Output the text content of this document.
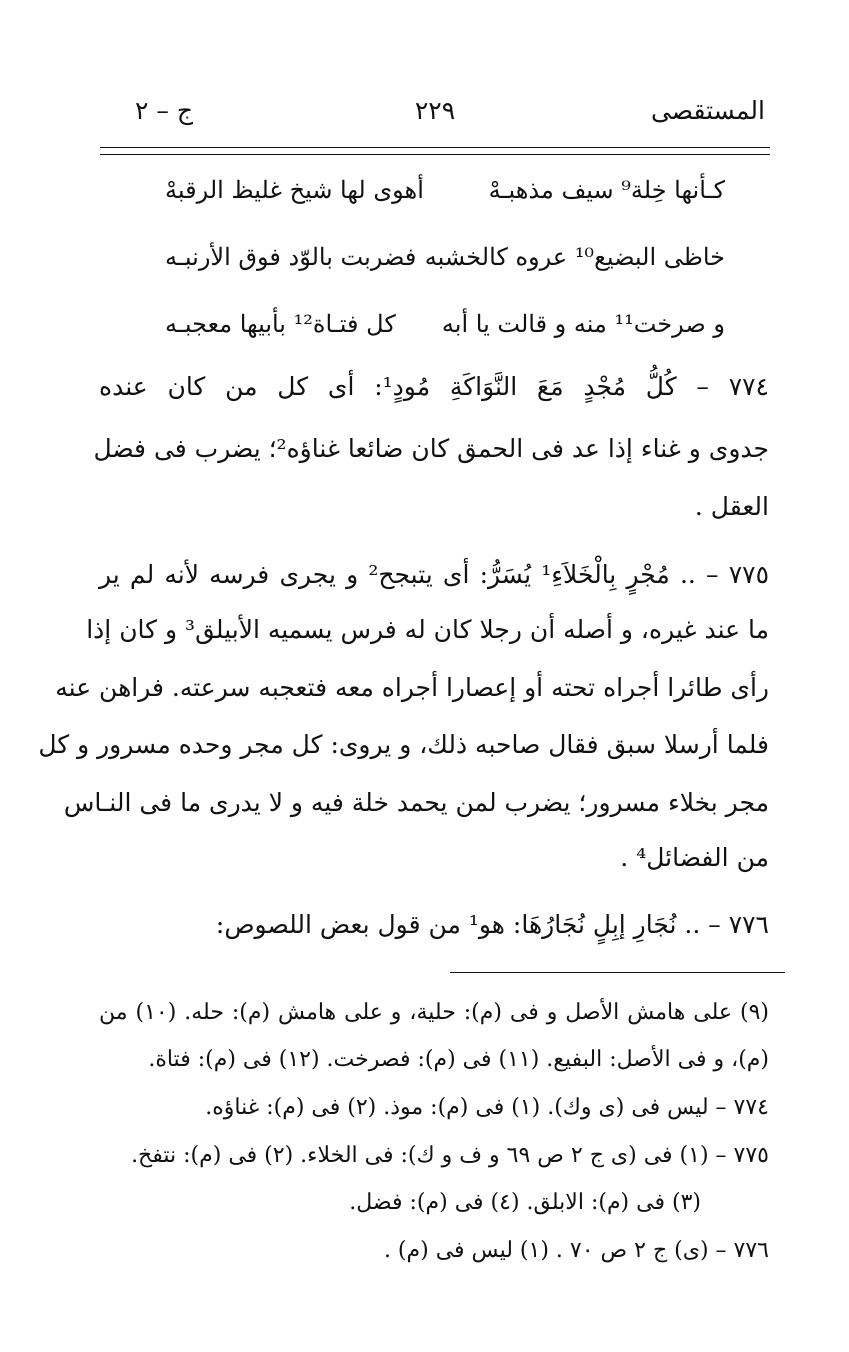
المستقصى
٢٢٩
ج – ٢
كـأنها خِلة⁹ سيف مذهبـهْ
أهوى لها شيخ غليظ الرقبهْ
خاظى البضيع¹⁰ عروه كالخشبه
فضربت بالوّد فوق الأرنبـه
و صرخت¹¹ منه و قالت يا أبه
كل فتـاة¹² بأبيها معجبـه
٧٧٤ – كُلُّ مُجْدٍ مَعَ النَّوَاكَةِ مُودٍ¹: أى كل من كان عنده
جدوى و غناء إذا عد فى الحمق كان ضائعا غناؤه²؛ يضرب فى فضل
العقل .
٧٧٥ – .. مُجْرٍ بِالْخَلاَءِ¹ يُسَرُّ: أى يتبجح² و يجرى فرسه لأنه لم ير
ما عند غيره، و أصله أن رجلا كان له فرس يسميه الأبيلق³ و كان إذا
رأى طائرا أجراه تحته أو إعصارا أجراه معه فتعجبه سرعته. فراهن عنه
فلما أرسلا سبق فقال صاحبه ذلك، و يروى: كل مجر وحده مسرور و كل
مجر بخلاء مسرور؛ يضرب لمن يحمد خلة فيه و لا يدرى ما فى النـاس
من الفضائل⁴ .
٧٧٦ – .. نُجَارِ إبِلٍ نُجَارُهَا: هو¹ من قول بعض اللصوص:
(٩) على هامش الأصل و فى (م): حلية، و على هامش (م): حله. (١٠) من
(م)، و فى الأصل: البفيع. (١١) فى (م): فصرخت. (١٢) فى (م): فتاة.
٧٧٤ – ليس فى (ى وك). (١) فى (م): موذ. (٢) فى (م): غناؤه.
٧٧٥ – (١) فى (ى ج ٢ ص ٦٩ و ف و ك): فى الخلاء. (٢) فى (م): نتفخ.
(٣) فى (م): الابلق. (٤) فى (م): فضل.
٧٧٦ – (ى) ج ٢ ص ٧٠ . (١) ليس فى (م) .
